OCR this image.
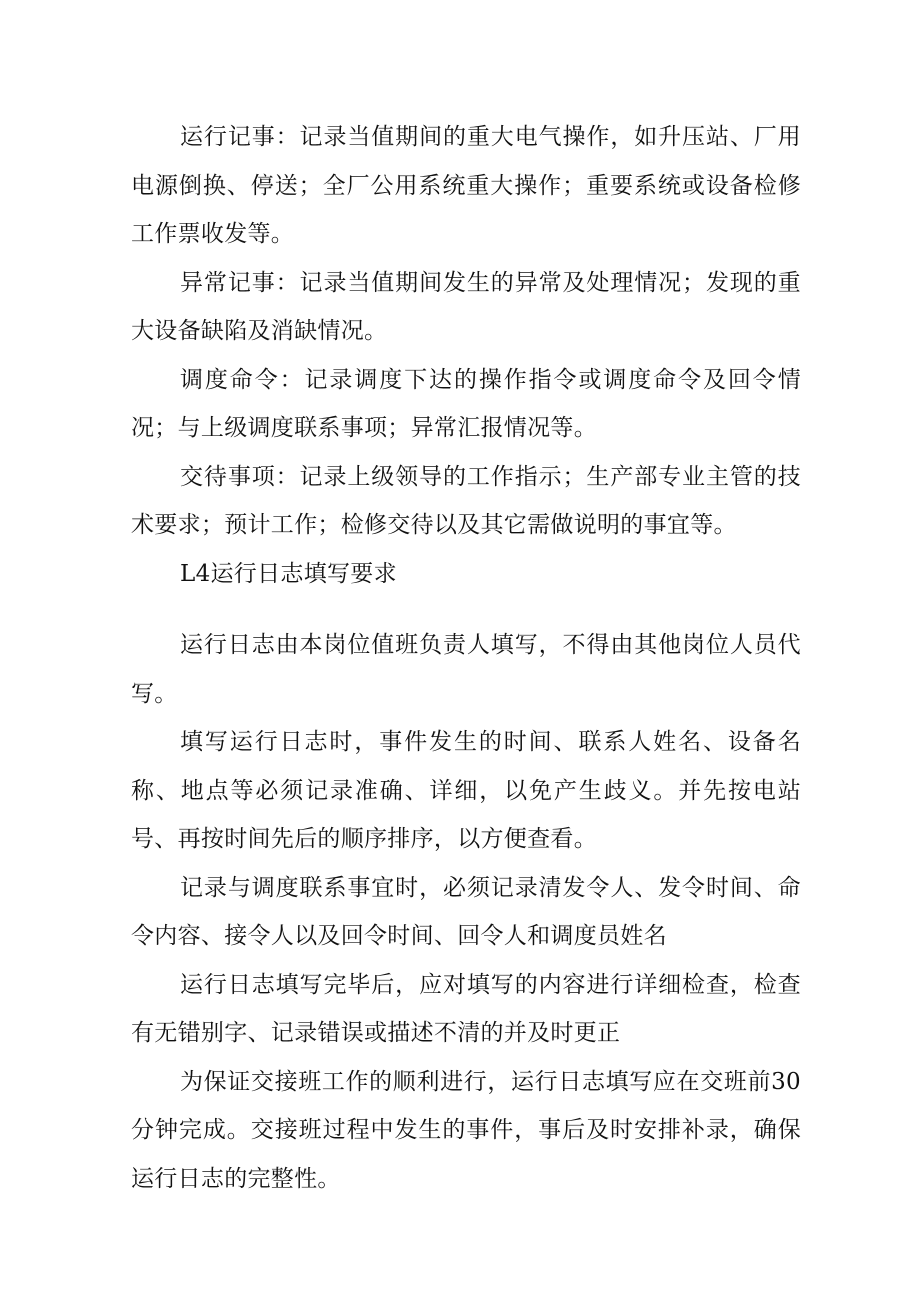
运行记事：记录当值期间的重大电气操作，如升压站、厂用电源倒换、停送；全厂公用系统重大操作；重要系统或设备检修工作票收发等。

异常记事：记录当值期间发生的异常及处理情况；发现的重大设备缺陷及消缺情况。

调度命令：记录调度下达的操作指令或调度命令及回令情况；与上级调度联系事项；异常汇报情况等。

交待事项：记录上级领导的工作指示；生产部专业主管的技术要求；预计工作；检修交待以及其它需做说明的事宜等。

L4运行日志填写要求

运行日志由本岗位值班负责人填写，不得由其他岗位人员代写。

填写运行日志时，事件发生的时间、联系人姓名、设备名称、地点等必须记录准确、详细，以免产生歧义。并先按电站号、再按时间先后的顺序排序，以方便查看。

记录与调度联系事宜时，必须记录清发令人、发令时间、命令内容、接令人以及回令时间、回令人和调度员姓名

运行日志填写完毕后，应对填写的内容进行详细检查，检查有无错别字、记录错误或描述不清的并及时更正

为保证交接班工作的顺利进行，运行日志填写应在交班前30分钟完成。交接班过程中发生的事件，事后及时安排补录，确保运行日志的完整性。
